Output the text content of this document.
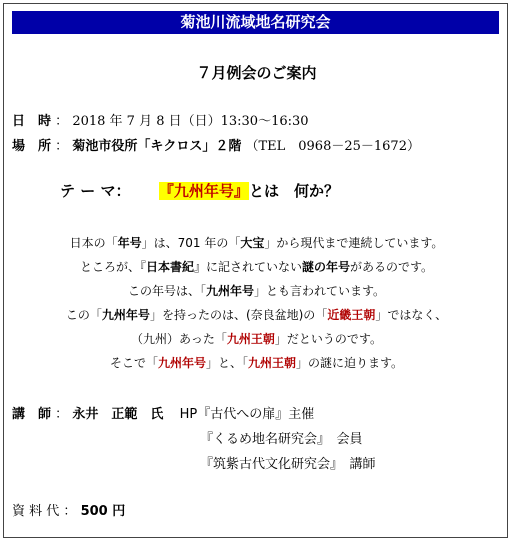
菊池川流域地名研究会
７月例会のご案内
日　時 ： 2018 年 7 月 8 日（日）13:30～16:30
場　所 ： 菊池市役所「キクロス」２階 （TEL　0968－25－1672）
テ ー マ： 『九州年号』とは　何か？
日本の「年号」は、701 年の「大宝」から現代まで連続しています。
ところが、『日本書紀』に記されていない謎の年号があるのです。
この年号は、「九州年号」とも言われています。
この「九州年号」を持ったのは、(奈良盆地)の「近畿王朝」ではなく、
（九州）あった「九州王朝」だというのです。
そこで「九州年号」と、「九州王朝」の謎に迫ります。
講　師 ： 永井　正範　氏 HP『古代への扉』主催
『くるめ地名研究会』　会員
『筑紫古代文化研究会』　講師
資 料 代 ： 500 円
